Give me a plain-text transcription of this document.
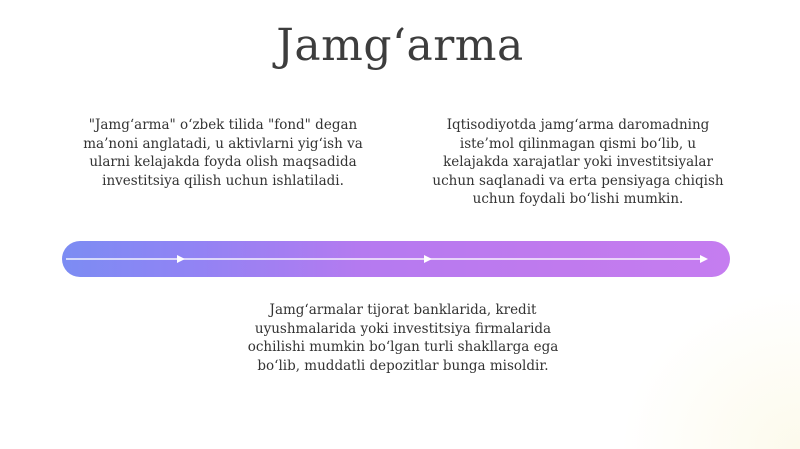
Jamg‘arma

"Jamg‘arma" o‘zbek tilida "fond" degan ma’noni anglatadi, u aktivlarni yig‘ish va ularni kelajakda foyda olish maqsadida investitsiya qilish uchun ishlatiladi.

Iqtisodiyotda jamg‘arma daromadning iste’mol qilinmagan qismi bo‘lib, u kelajakda xarajatlar yoki investitsiyalar uchun saqlanadi va erta pensiyaga chiqish uchun foydali bo‘lishi mumkin.

Jamg‘armalar tijorat banklarida, kredit uyushmalarida yoki investitsiya firmalarida ochilishi mumkin bo‘lgan turli shakllarga ega bo‘lib, muddatli depozitlar bunga misoldir.
